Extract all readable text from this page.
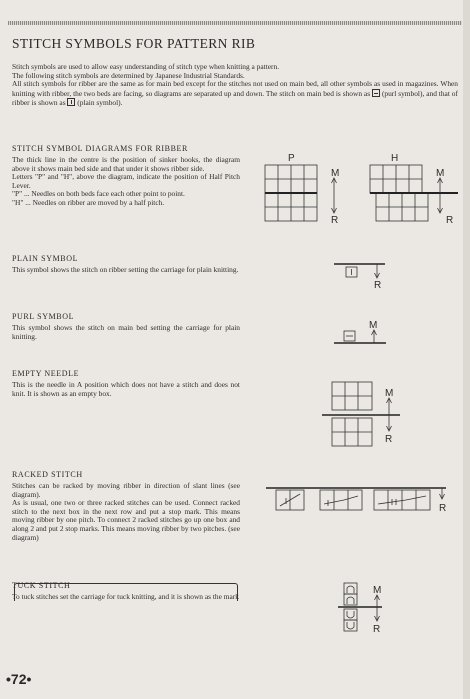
STITCH SYMBOLS FOR PATTERN RIB

Stitch symbols are used to allow easy understanding of stitch type when knitting a pattern.

The following stitch symbols are determined by Japanese Industrial Standards.

All stitch symbols for ribber are the same as for main bed except for the stitches not used on main bed, all other symbols as used in magazines. When knitting with ribber, the two beds are facing, so diagrams are separated up and down. The stitch on main bed is shown as (purl symbol), and that of ribber is shown as (plain symbol).

STITCH SYMBOL DIAGRAMS FOR RIBBER

The thick line in the centre is the position of sinker hooks, the diagram above it shows main bed side and that under it shows ribber side.

Letters "P" and "H", above the diagram, indicate the position of Half Pitch Lever.

"P" ... Needles on both beds face each other point to point.

"H" ... Needles on ribber are moved by a half pitch.

PLAIN SYMBOL

This symbol shows the stitch on ribber setting the carriage for plain knitting.

PURL SYMBOL

This symbol shows the stitch on main bed setting the carriage for plain knitting.

EMPTY NEEDLE

This is the needle in A position which does not have a stitch and does not knit. It is shown as an empty box.

RACKED STITCH

Stitches can be racked by moving ribber in direction of slant lines (see diagram).

As is usual, one two or three racked stitches can be used. Connect racked stitch to the next box in the next row and put a stop mark. This means moving ribber by one pitch. To connect 2 racked stitches go up one box and along 2 and put 2 stop marks. This means moving ribber by two pitches. (see diagram)

TUCK STITCH

To tuck stitches set the carriage for tuck knitting, and it is shown as the mark

P	H
M
R
M
R
R
M
M
R
R
M
R
•72•
